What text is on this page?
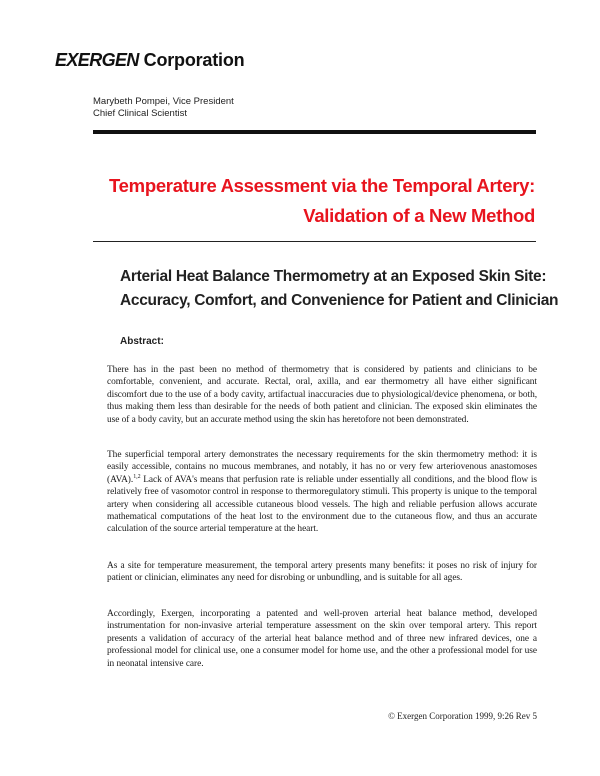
EXERGEN Corporation
Marybeth Pompei, Vice President
Chief Clinical Scientist
Temperature Assessment via the Temporal Artery:
Validation of a New Method
Arterial Heat Balance Thermometry at an Exposed Skin Site:
Accuracy, Comfort, and Convenience for Patient and Clinician
Abstract:

There has in the past been no method of thermometry that is considered by patients and clinicians to be comfortable, convenient, and accurate. Rectal, oral, axilla, and ear thermometry all have either significant discomfort due to the use of a body cavity, artifactual inaccuracies due to physiological/device phenomena, or both, thus making them less than desirable for the needs of both patient and clinician. The exposed skin eliminates the use of a body cavity, but an accurate method using the skin has heretofore not been demonstrated.

The superficial temporal artery demonstrates the necessary requirements for the skin thermometry method: it is easily accessible, contains no mucous membranes, and notably, it has no or very few arteriovenous anastomoses (AVA).$^{1,2}$ Lack of AVA's means that perfusion rate is reliable under essentially all conditions, and the blood flow is relatively free of vasomotor control in response to thermoregulatory stimuli. This property is unique to the temporal artery when considering all accessible cutaneous blood vessels. The high and reliable perfusion allows accurate mathematical computations of the heat lost to the environment due to the cutaneous flow, and thus an accurate calculation of the source arterial temperature at the heart.

As a site for temperature measurement, the temporal artery presents many benefits: it poses no risk of injury for patient or clinician, eliminates any need for disrobing or unbundling, and is suitable for all ages.

Accordingly, Exergen, incorporating a patented and well-proven arterial heat balance method, developed instrumentation for non-invasive arterial temperature assessment on the skin over temporal artery. This report presents a validation of accuracy of the arterial heat balance method and of three new infrared devices, one a professional model for clinical use, one a consumer model for home use, and the other a professional model for use in neonatal intensive care.

© Exergen Corporation 1999, 9:26 Rev 5
